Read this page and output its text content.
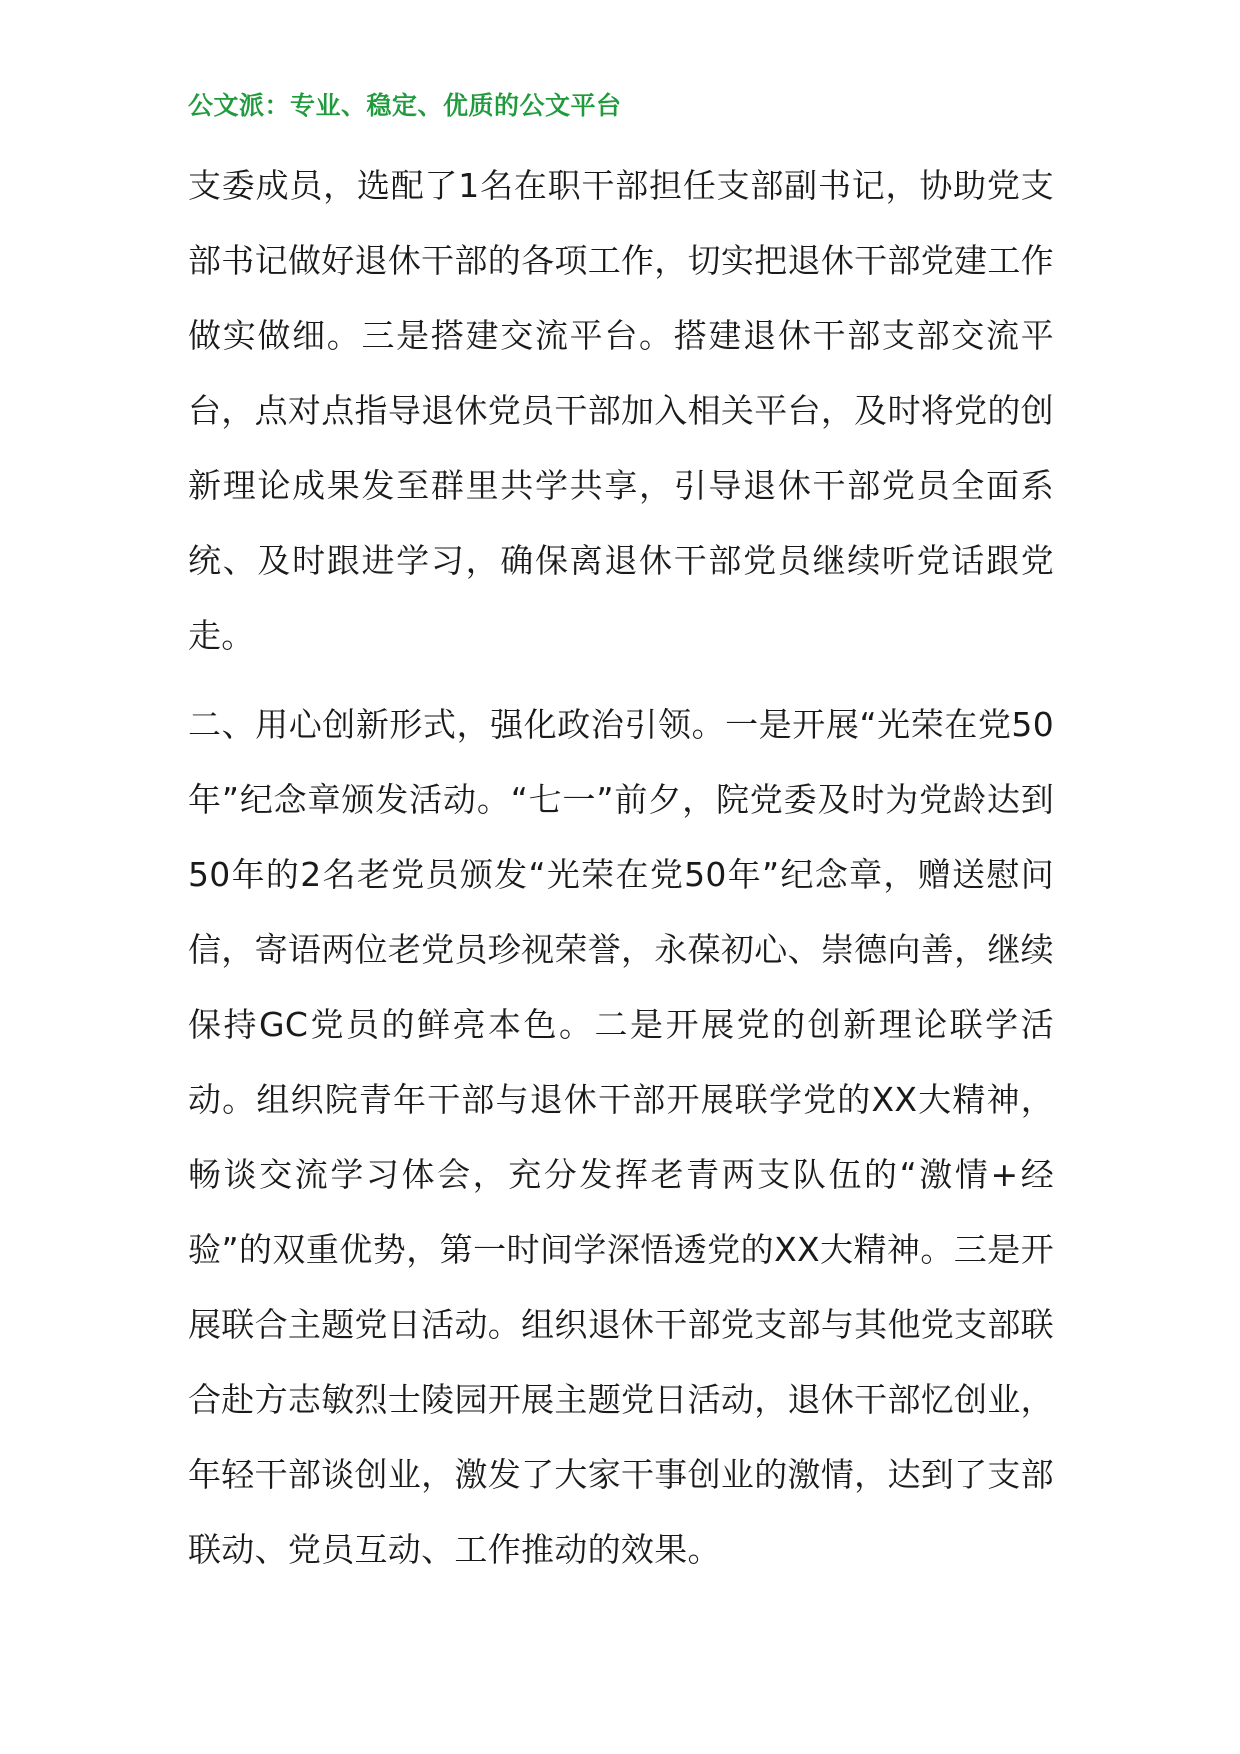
公文派：专业、稳定、优质的公文平台
支委成员，选配了1名在职干部担任支部副书记，协助党支部书记做好退休干部的各项工作，切实把退休干部党建工作做实做细。三是搭建交流平台。搭建退休干部支部交流平台，点对点指导退休党员干部加入相关平台，及时将党的创新理论成果发至群里共学共享，引导退休干部党员全面系统、及时跟进学习，确保离退休干部党员继续听党话跟党走。
二、用心创新形式，强化政治引领。一是开展“光荣在党50年”纪念章颁发活动。“七一”前夕，院党委及时为党龄达到50年的2名老党员颁发“光荣在党50年”纪念章，赠送慰问信，寄语两位老党员珍视荣誉，永葆初心、崇德向善，继续保持GC党员的鲜亮本色。二是开展党的创新理论联学活动。组织院青年干部与退休干部开展联学党的XX大精神，畅谈交流学习体会，充分发挥老青两支队伍的“激情+经验”的双重优势，第一时间学深悟透党的XX大精神。三是开展联合主题党日活动。组织退休干部党支部与其他党支部联合赴方志敏烈士陵园开展主题党日活动，退休干部忆创业，年轻干部谈创业，激发了大家干事创业的激情，达到了支部联动、党员互动、工作推动的效果。
